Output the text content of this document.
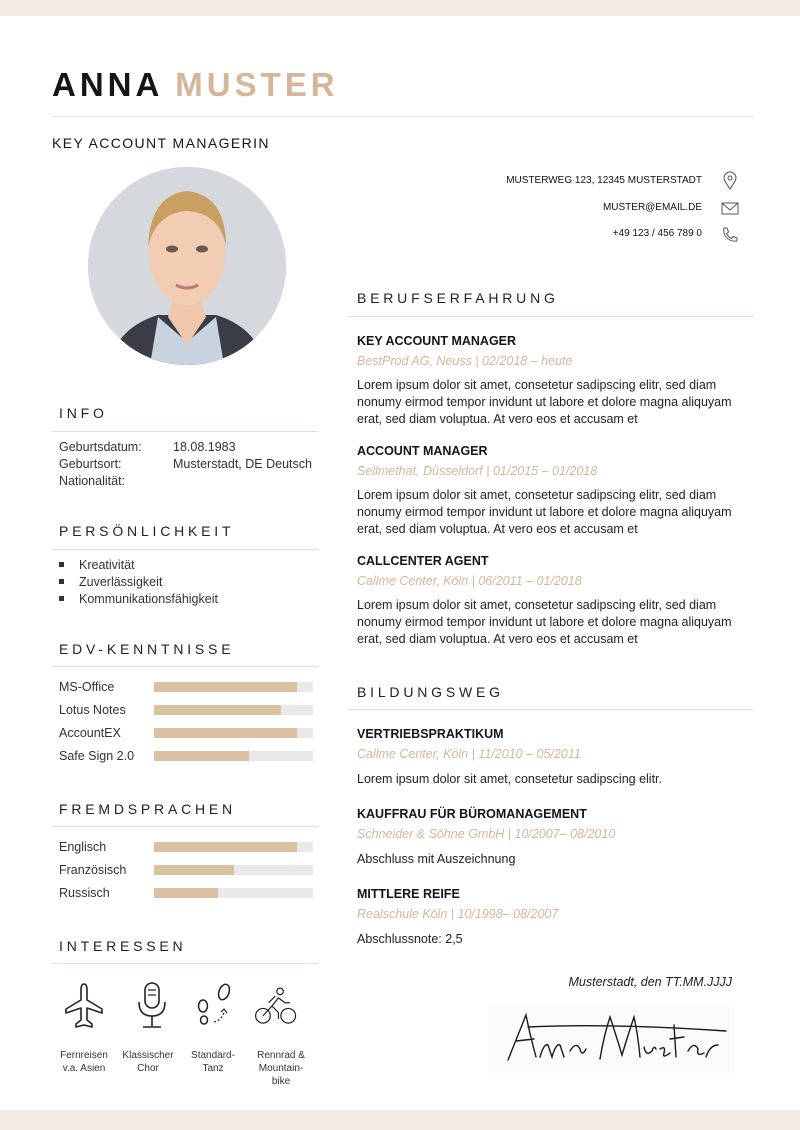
ANNA MUSTER
KEY ACCOUNT MANAGERIN
MUSTERWEG 123, 12345 MUSTERSTADT
MUSTER@EMAIL.DE
+49 123 / 456 789 0
INFO
Geburtsdatum:	18.08.1983
Geburtsort:	Musterstadt, DE Deutsch
Nationalität:
PERSÖNLICHKEIT
Kreativität
Zuverlässigkeit
Kommunikationsfähigkeit
EDV-KENNTNISSE
MS-Office
Lotus Notes
AccountEX
Safe Sign 2.0
FREMDSPRACHEN
Englisch
Französisch
Russisch
INTERESSEN
Fernreisen
v.a. Asien
Klassischer
Chor
Standard-
Tanz
Rennrad &
Mountain-
bike
BERUFSERFAHRUNG
KEY ACCOUNT MANAGER
BestProd AG, Neuss | 02/2018 – heute

Lorem ipsum dolor sit amet, consetetur sadipscing elitr, sed diam nonumy eirmod tempor invidunt ut labore et dolore magna aliquyam erat, sed diam voluptua. At vero eos et accusam et

ACCOUNT MANAGER
Sellmethat, Düsseldorf | 01/2015 – 01/2018

Lorem ipsum dolor sit amet, consetetur sadipscing elitr, sed diam nonumy eirmod tempor invidunt ut labore et dolore magna aliquyam erat, sed diam voluptua. At vero eos et accusam et

CALLCENTER AGENT
Callme Center, Köln | 06/2011 – 01/2018

Lorem ipsum dolor sit amet, consetetur sadipscing elitr, sed diam nonumy eirmod tempor invidunt ut labore et dolore magna aliquyam erat, sed diam voluptua. At vero eos et accusam et

BILDUNGSWEG
VERTRIEBSPRAKTIKUM
Callme Center, Köln | 11/2010 – 05/2011

Lorem ipsum dolor sit amet, consetetur sadipscing elitr.

KAUFFRAU FÜR BÜROMANAGEMENT
Schneider & Söhne GmbH | 10/2007– 08/2010

Abschluss mit Auszeichnung

MITTLERE REIFE
Realschule Köln | 10/1998– 08/2007

Abschlussnote: 2,5

Musterstadt, den TT.MM.JJJJ
